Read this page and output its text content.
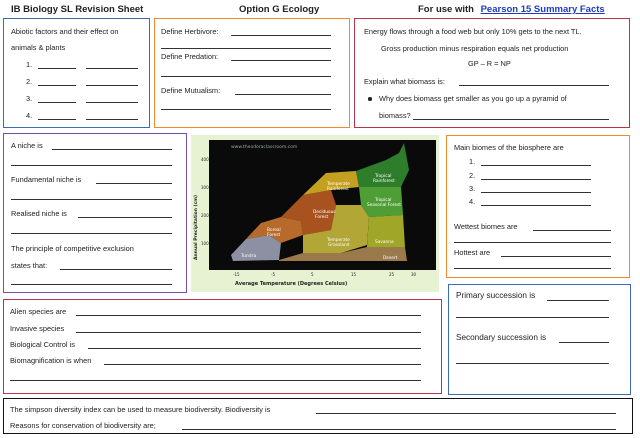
IB Biology SL Revision Sheet	Option G Ecology	For use with Pearson 15 Summary Facts
Abiotic factors and their effect on
animals & plants
1.
2.
3.
4.
Define Herbivore:
Define Predation:
Define Mutualism:
Energy flows through a food web but only 10% gets to the next TL.
Gross production minus respiration equals net production
GP – R = NP
Explain what biomass is:
Why does biomass get smaller as you go up a pyramid of
biomass?
A niche is
Fundamental niche is
Realised niche is
The principle of competitive exclusion
states that:
www.theodoraclassroom.com
Tundra
Boreal Forest
Deciduous Forest
Temperate Rainforest
Tropical Rainforest
Tropical Seasonal Forest
Temperate Grassland
Savanna
Desert
400
300
200
100
-15	-5	5	15	25	30
Average Temperature (Degrees Celsius)
Annual Precipitation (cm)
Main biomes of the biosphere are
1.
2.
3.
4.
Wettest biomes are
Hottest are
Alien species are
Invasive species
Biological Control is
Biomagnification is when
Primary succession is
Secondary succession is
The simpson diversity index can be used to measure biodiversity. Biodiversity is
Reasons for conservation of biodiversity are;
